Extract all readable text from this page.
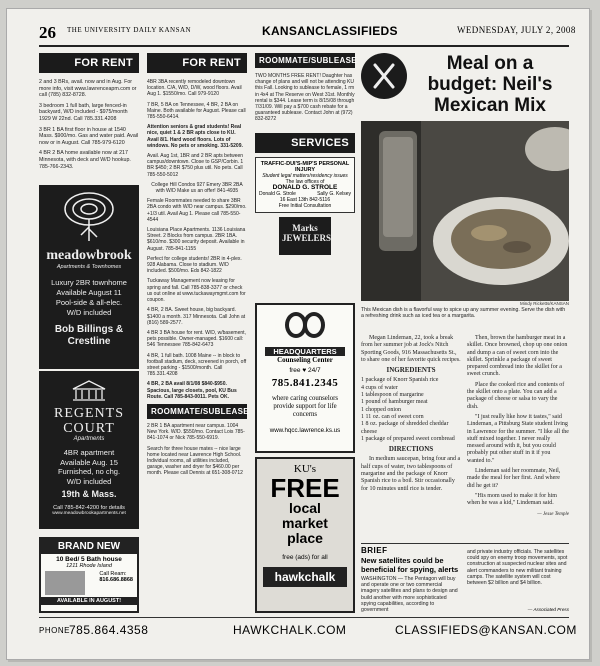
26 THE UNIVERSITY DAILY KANSAN	KANSANCLASSIFIEDS	WEDNESDAY, JULY 2, 2008
FOR RENT

2 and 3 BRs, avail. now and in Aug. For more info, visit www.lawrenceapm.com or call (785) 832-8728.

3 bedroom 1 full bath, large fenced-in backyard, W/D included - $975/month 1929 W 22nd. Call 785.331.4208

3 BR 1 BA first floor in house at 1540 Mass. $900/mo. Gas and water paid. Avail now or in August. Call 785-979-6120

4 BR 2 BA home available now at 217 Minnesota, with deck and W/D hookup. 785-766-2343.

meadowbrook
Apartments & Townhomes
Luxury 2BR townhome
Available August 11
Pool-side & all-elec.
W/D included
Bob Billings & Crestline
REGENTS COURT
Apartments
4BR apartment
Available Aug. 15
Furnished, no chg.
W/D included
19th & Mass.
Call 785-842-4200 for details
www.meadowbrookapartments.net
BRAND NEW
10 Bed/ 5 Bath house
1211 Rhode Island
Call Ream:
816.686.8868
AVAILABLE IN AUGUST!
FOR RENT

4BR 3BA recently remodeled downtown location. C/A, W/D, D/W, wood floors. Avail Aug 1. $1550/mo. Call 979-9120

7 BR, 5 BA on Tennessee, 4 BR, 2 BA on Maine. Both available for August. Please call 785-550-6414.

Attention seniors & grad students! Real nice, quiet 1 & 2 BR apts close to KU. Avail 8/1. Hard wood floors. Lots of windows. No pets or smoking. 331-5209.

Avail. Aug 1st, 1BR and 2 BR apts between campus/downtown. Close to GSP/Corbin. 1 BR $450; 2 BR $750 plus util. No pets. Call 785-550-5012

College Hill Condos 927 Emery 3BR 2BA with W/D Make us an offer! 841-4935

Female Roommates needed to share 3BR 2BA condo with W/D near campus. $290/mo. +1/3 util. Avail Aug 1. Please call 785-550-4544

Louisiana Place Apartments. 1136 Louisiana Street. 2 Blocks from campus. 2BR 1BA. $610/mo. $300 security deposit. Available in August. 785-841-1155

Perfect for college students! 2BR in 4-plex. 928 Alabama. Close to stadium. W/D included. $500/mo. Eds 842-1822

Tuckaway Management now leasing for spring and fall. Call 785-838-3377 or check us out online at www.tuckawaymgmt.com for coupon.

4 BR, 2 BA. Sweet house, big backyard. $1400 a month. 317 Minnesota. Call John at (816) 589-2577.

4 BR 3 BA house for rent. W/D, w/basement, pets possible. Owner-managed. $1600 call: 546 Tennessee 785-842-6473

4 BR, 1 full bath. 1008 Maine -- in block to football stadium, deck, screened in porch, off street parking - $1500/month. Call 785.331.4208

4 BR, 2 BA avail 8/1/08 $840-$950. Spacious, large closets, pool, KU Bus Route. Call 785-843-0011. Pets OK.

ROOMMATE/SUBLEASE

2 BR 1 BA apartment near campus. 1004 New York. W/D. $550/mo. Contact Lois 785-841-1074 or Nick 785-550-6919.

Search for three house mates -- nice large home located near Lawrence High School. Individual rooms, all utilities included, garage, washer and dryer for $460.00 per month. Please call Dennis at 651-308-0712

ROOMMATE/SUBLEASE
TWO MONTHS FREE RENT! Daughter has change of plans and will not be attending KU this Fall. Looking to sublease to female, 1 rm in 4x4 at The Reserve on West 31st. Monthly rental is $344. Lease term is 8/15/08 through 7/31/09. Will pay a $700 cash rebate for a guaranteed sublease. Contact John at (972) 832-8272
SERVICES
TRAFFIC-DUI'S-MIP'S PERSONAL INJURY
Student legal matters/residency issues
The law offices of
DONALD G. STROLE
Donald G. Strole	Sally G. Kelsey
16 East 13th 842-5116
Free Initial Consultation
Marks JEWELERS
HEADQUARTERS
Counseling Center
free ♥ 24/7
785.841.2345
where caring counselors provide support for life concerns
www.hqcc.lawrence.ks.us
KU's
FREE
local
market
place
free (ads) for all
hawkchalk
Meal on a
budget: Neil's
Mexican Mix
Mindy Ricketts/KANSAN
This Mexican dish is a flavorful way to spice up any summer evening. Serve the dish with a refreshing drink such as iced tea or a margarita.

Megan Lindeman, 22, took a break from her summer job at Jock's Nitch Sporting Goods, 916 Massachusetts St., to share one of her favorite quick recipes.

INGREDIENTS
1 package of Knorr Spanish rice
4 cups of water
1 tablespoon of margarine
1 pound of hamburger meat
1 chopped onion
1 11 oz. can of sweet corn
1 8 oz. package of shredded cheddar cheese
1 package of prepared sweet cornbread
DIRECTIONS

In medium saucepan, bring four and a half cups of water, two tablespoons of margarine and the package of Knorr Spanish rice to a boil. Stir occasionally for 10 minutes until rice is tender.

Then, brown the hamburger meat in a skillet. Once browned, chop up one onion and dump a can of sweet corn into the skillet. Sprinkle a package of sweet prepared cornbread into the skillet for a sweet crunch.

Place the cooked rice and contents of the skillet onto a plate. You can add a package of cheese or salsa to vary the dish.

"I just really like how it tastes," said Lindeman, a Pittsburg State student living in Lawrence for the summer. "I like all the stuff mixed together. I never really messed around with it, but you could probably put other stuff in it if you wanted to."

Lindeman said her roommate, Neil, made the meal for her first. And where did he get it?

"His mom used to make it for him when he was a kid," Lindeman said.

— Jesse Temple
BRIEF
New satellites could be beneficial for spying, alerts
WASHINGTON — The Pentagon will buy and operate one or two commercial imagery satellites and plans to design and build another with more sophisticated spying capabilities, according to government
and private industry officials. The satellites could spy on enemy troop movements, spot construction at suspected nuclear sites and alert commanders to new militant training camps. The satellite system will cost between $2 billion and $4 billion.
— Associated Press
PHONE 785.864.4358	HAWKCHALK.COM	CLASSIFIEDS@KANSAN.COM
